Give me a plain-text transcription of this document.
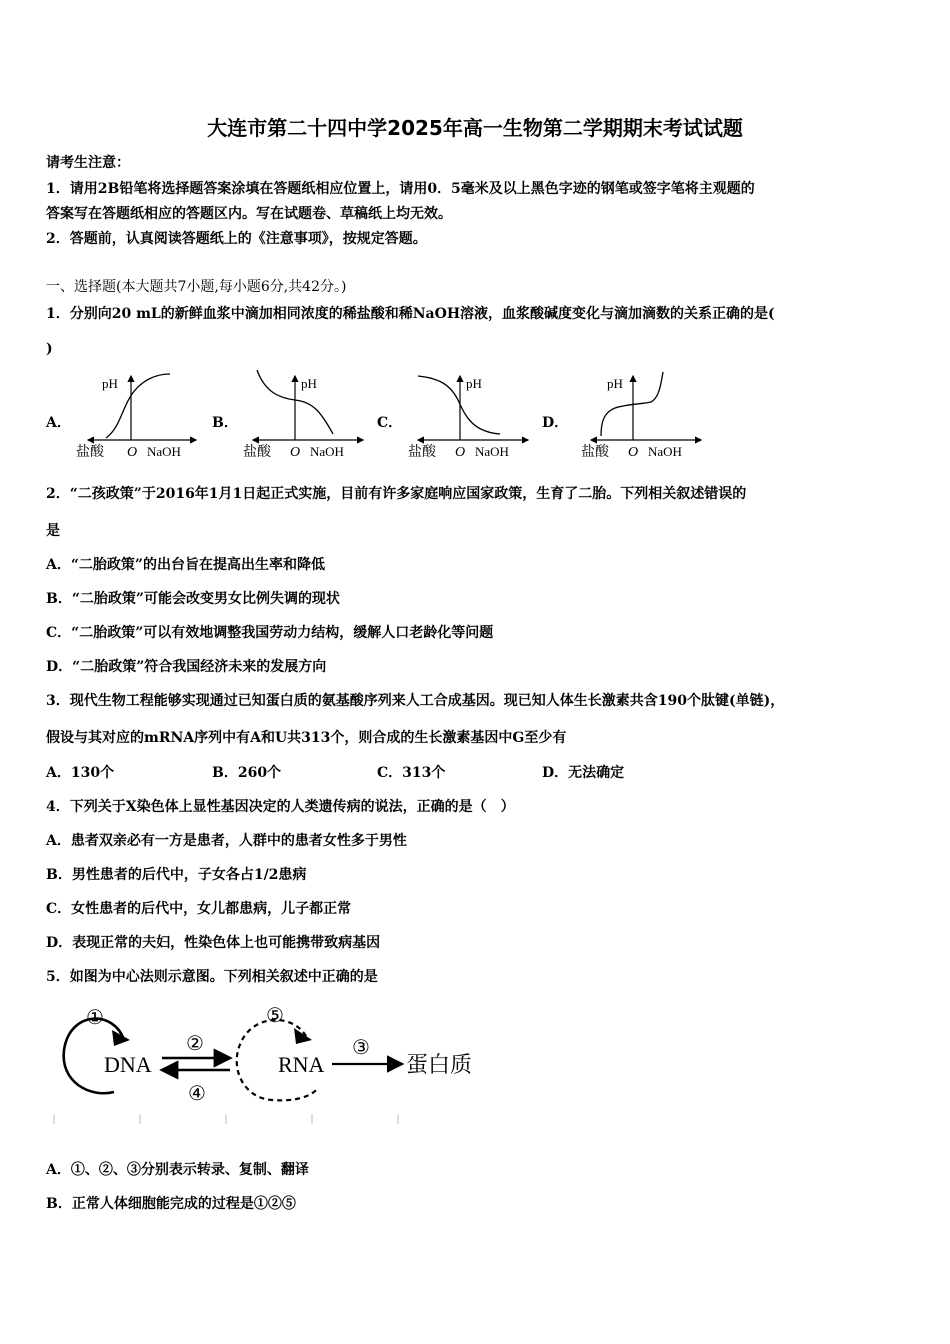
大连市第二十四中学2025年高一生物第二学期期末考试试题
请考生注意：
1．请用2B铅笔将选择题答案涂填在答题纸相应位置上，请用0．5毫米及以上黑色字迹的钢笔或签字笔将主观题的
答案写在答题纸相应的答题区内。写在试题卷、草稿纸上均无效。
2．答题前，认真阅读答题纸上的《注意事项》，按规定答题。
一、选择题(本大题共7小题,每小题6分,共42分。)
1．分别向20 mL的新鲜血浆中滴加相同浓度的稀盐酸和稀NaOH溶液，血浆酸碱度变化与滴加滴数的关系正确的是(
)
A．	B．	C．	D．
pH
盐酸 O NaOH
pH
盐酸 O NaOH
pH
盐酸 O NaOH
pH
盐酸 O NaOH
2．“二孩政策”于2016年1月1日起正式实施，目前有许多家庭响应国家政策，生育了二胎。下列相关叙述错误的
是
A．“二胎政策”的出台旨在提高出生率和降低
B．“二胎政策”可能会改变男女比例失调的现状
C．“二胎政策”可以有效地调整我国劳动力结构，缓解人口老龄化等问题
D．“二胎政策”符合我国经济未来的发展方向
3．现代生物工程能够实现通过已知蛋白质的氨基酸序列来人工合成基因。现已知人体生长激素共含190个肽键(单链)，
假设与其对应的mRNA序列中有A和U共313个，则合成的生长激素基因中G至少有
A．130个	B．260个	C．313个	D．无法确定
4．下列关于X染色体上显性基因决定的人类遗传病的说法，正确的是（　）
A．患者双亲必有一方是患者，人群中的患者女性多于男性
B．男性患者的后代中，子女各占1/2患病
C．女性患者的后代中，女儿都患病，儿子都正常
D．表现正常的夫妇，性染色体上也可能携带致病基因
5．如图为中心法则示意图。下列相关叙述中正确的是
①
DNA
②
④
⑤
RNA
③
蛋白质
A．①、②、③分别表示转录、复制、翻译
B．正常人体细胞能完成的过程是①②⑤
